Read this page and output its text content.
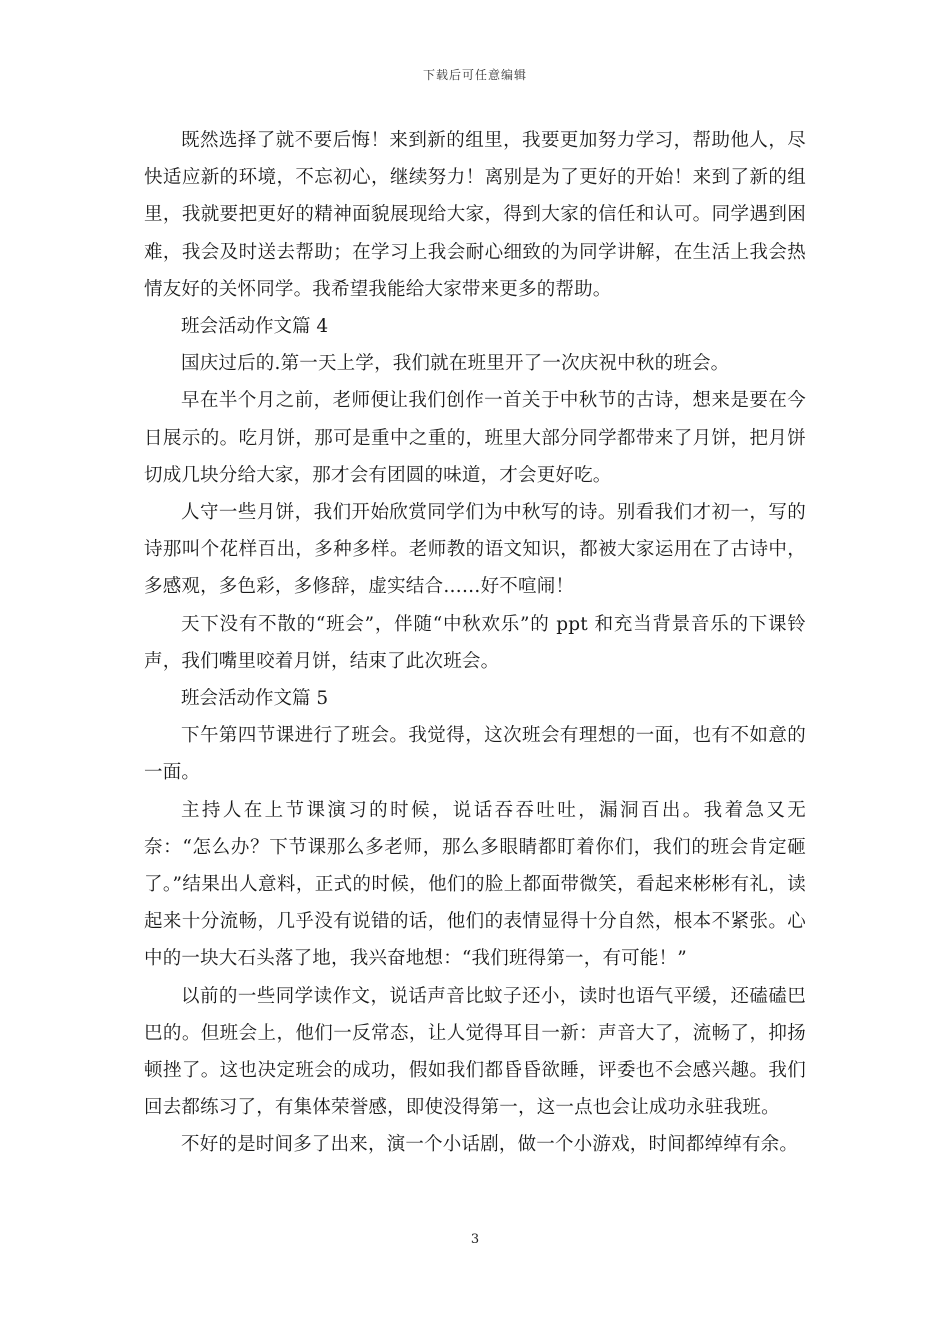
下载后可任意编辑

既然选择了就不要后悔！来到新的组里，我要更加努力学习，帮助他人，尽快适应新的环境，不忘初心，继续努力！离别是为了更好的开始！来到了新的组里，我就要把更好的精神面貌展现给大家，得到大家的信任和认可。同学遇到困难，我会及时送去帮助；在学习上我会耐心细致的为同学讲解，在生活上我会热情友好的关怀同学。我希望我能给大家带来更多的帮助。

班会活动作文篇 4

国庆过后的.第一天上学，我们就在班里开了一次庆祝中秋的班会。

早在半个月之前，老师便让我们创作一首关于中秋节的古诗，想来是要在今日展示的。吃月饼，那可是重中之重的，班里大部分同学都带来了月饼，把月饼切成几块分给大家，那才会有团圆的味道，才会更好吃。

人守一些月饼，我们开始欣赏同学们为中秋写的诗。别看我们才初一，写的诗那叫个花样百出，多种多样。老师教的语文知识，都被大家运用在了古诗中，多感观，多色彩，多修辞，虚实结合……好不喧闹！

天下没有不散的“班会”，伴随“中秋欢乐”的 ppt 和充当背景音乐的下课铃声，我们嘴里咬着月饼，结束了此次班会。

班会活动作文篇 5

下午第四节课进行了班会。我觉得，这次班会有理想的一面，也有不如意的一面。

主持人在上节课演习的时候，说话吞吞吐吐，漏洞百出。我着急又无奈：“怎么办？下节课那么多老师，那么多眼睛都盯着你们，我们的班会肯定砸了。”结果出人意料，正式的时候，他们的脸上都面带微笑，看起来彬彬有礼，读起来十分流畅，几乎没有说错的话，他们的表情显得十分自然，根本不紧张。心中的一块大石头落了地，我兴奋地想：“我们班得第一，有可能！”

以前的一些同学读作文，说话声音比蚊子还小，读时也语气平缓，还磕磕巴巴的。但班会上，他们一反常态，让人觉得耳目一新：声音大了，流畅了，抑扬顿挫了。这也决定班会的成功，假如我们都昏昏欲睡，评委也不会感兴趣。我们回去都练习了，有集体荣誉感，即使没得第一，这一点也会让成功永驻我班。

不好的是时间多了出来，演一个小话剧，做一个小游戏，时间都绰绰有余。

3
